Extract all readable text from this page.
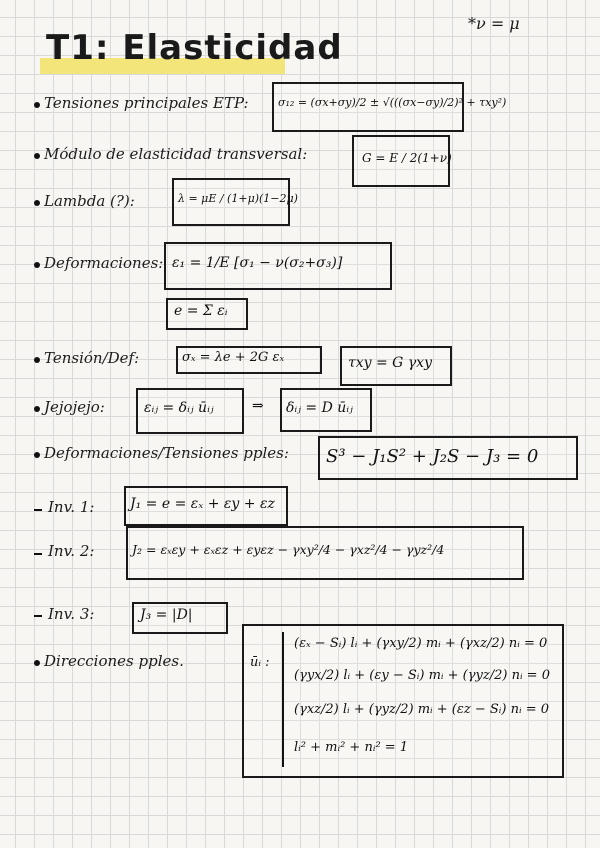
*ν = μ
T1: Elasticidad
Tensiones principales ETP:	σ₁₂ = (σx+σy)/2 ± √(((σx−σy)/2)² + τxy²)
Módulo de elasticidad transversal:	G = E / 2(1+ν)
Lambda (?):	λ = μE / (1+μ)(1−2μ)
Deformaciones: ε₁ = 1/E [σ₁ − ν(σ₂+σ₃)]
e = Σ εᵢ
Tensión/Def:	σₓ = λe + 2G εₓ	τxy = G γxy
Jejojejo:	εᵢⱼ = δᵢⱼ ūᵢⱼ	⇒ δᵢⱼ = D ūᵢⱼ
Deformaciones/Tensiones pples: S³ − J₁S² + J₂S − J₃ = 0
Inv. 1:	J₁ = e = εₓ + εy + εz
Inv. 2:	J₂ = εₓεy + εₓεz + εyεz − γxy²/4 − γxz²/4 − γyz²/4
Inv. 3:	J₃ = |D|
Direcciones pples.	ūᵢ :
(εₓ − Sᵢ) lᵢ + (γxy/2) mᵢ + (γxz/2) nᵢ = 0
(γyx/2) lᵢ + (εy − Sᵢ) mᵢ + (γyz/2) nᵢ = 0
(γxz/2) lᵢ + (γyz/2) mᵢ + (εz − Sᵢ) nᵢ = 0
lᵢ² + mᵢ² + nᵢ² = 1
